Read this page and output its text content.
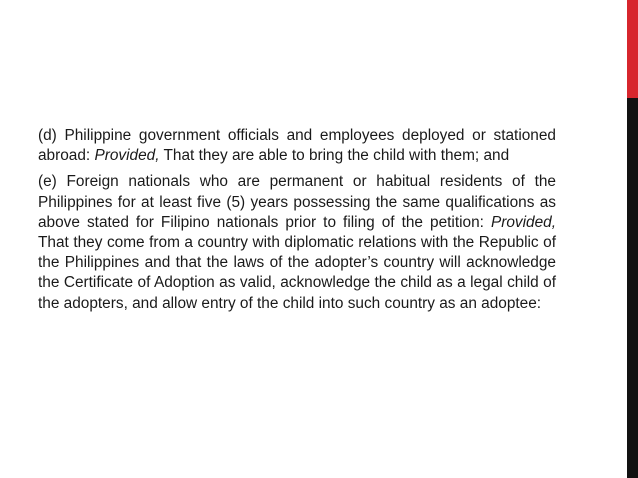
(d) Philippine government officials and employees deployed or stationed abroad: Provided, That they are able to bring the child with them; and

(e) Foreign nationals who are permanent or habitual residents of the Philippines for at least five (5) years possessing the same qualifications as above stated for Filipino nationals prior to filing of the petition: Provided, That they come from a country with diplomatic relations with the Republic of the Philippines and that the laws of the adopter’s country will acknowledge the Certificate of Adoption as valid, acknowledge the child as a legal child of the adopters, and allow entry of the child into such country as an adoptee:
